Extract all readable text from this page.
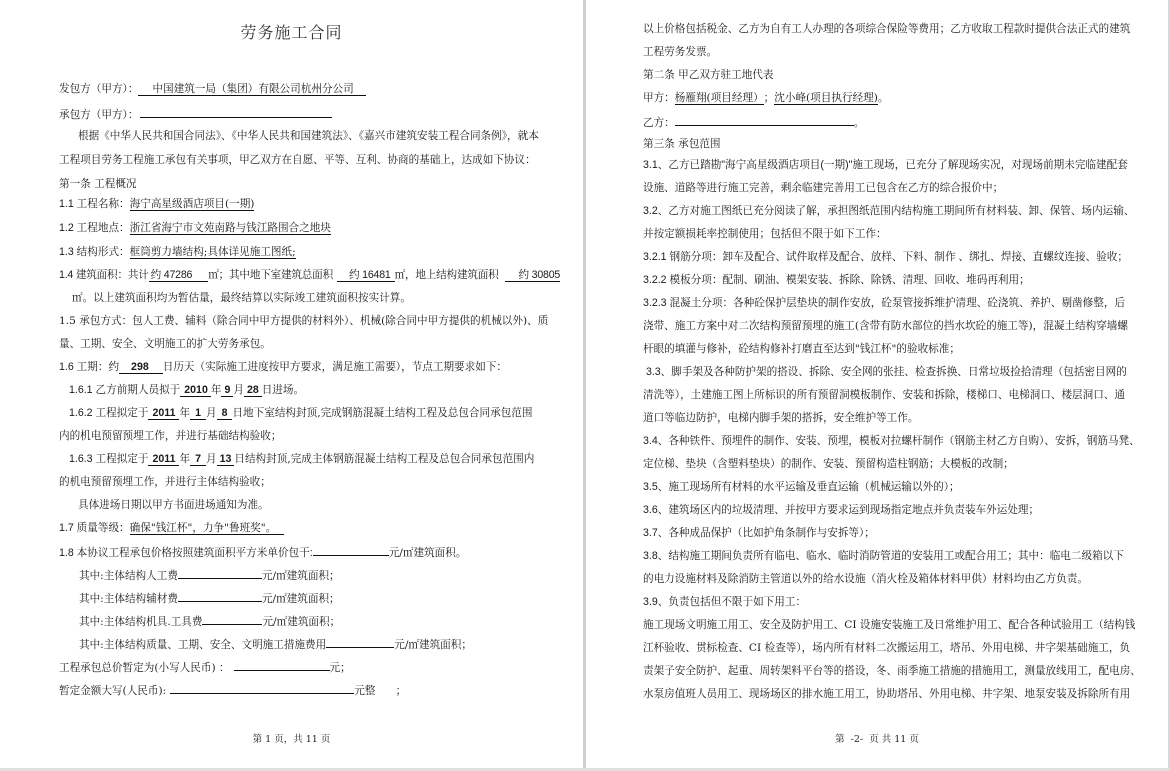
劳务施工合同
发包方（甲方）： 中国建筑一局（集团）有限公司杭州分公司
承包方（甲方）：
根据《中华人民共和国合同法》、《中华人民共和国建筑法》、《嘉兴市建筑安装工程合同条例》，就本
工程项目劳务工程施工承包有关事项，甲乙双方在自愿、平等、互利、协商的基础上，达成如下协议：
第一条 工程概况
1.1 工程名称：海宁高星级酒店项目(一期)
1.2 工程地点：浙江省海宁市文苑南路与钱江路围合之地块
1.3 结构形式：框筒剪力墙结构;具体详见施工图纸;
1.4 建筑面积：共计 约 47286 ㎡；其中地下室建筑总面积 约 16481 ㎡，地上结构建筑面积 约 30805
㎡。以上建筑面积均为暂估量，最终结算以实际竣工建筑面积按实计算。
1.5 承包方式：包人工费、辅料（除合同中甲方提供的材料外）、机械(除合同中甲方提供的机械以外)、质
量、工期、安全、文明施工的扩大劳务承包。
1.6 工期：约 298 日历天（实际施工进度按甲方要求，满足施工需要），节点工期要求如下：
1.6.1 乙方前期人员拟于 2010 年 9 月 28 日进场。
1.6.2 工程拟定于 2011 年 1 月 8 日地下室结构封顶,完成钢筋混凝土结构工程及总包合同承包范围
内的机电预留预埋工作，并进行基础结构验收；
1.6.3 工程拟定于 2011 年 7 月 13 日结构封顶,完成主体钢筋混凝土结构工程及总包合同承包范围内
的机电预留预埋工作，并进行主体结构验收；
具体进场日期以甲方书面进场通知为准。
1.7 质量等级：确保"钱江杯"，力争"鲁班奖"。
1.8 本协议工程承包价格按照建筑面积平方米单价包干:	元/㎡建筑面积。
其中:主体结构人工费	元/㎡建筑面积；
其中:主体结构辅材费	元/㎡建筑面积；
其中:主体结构机具.工具费	元/㎡建筑面积；
其中:主体结构质量、工期、安全、文明施工措施费用	元/㎡建筑面积；
工程承包总价暂定为(小写人民币) ：	元；
暂定金额大写(人民币):	元整      ；
第 1 页，共 11 页
以上价格包括税金、乙方为自有工人办理的各项综合保险等费用；乙方收取工程款时提供合法正式的建筑
工程劳务发票。
第二条 甲乙双方驻工地代表
甲方：杨雁翔(项目经理）；沈小峰(项目执行经理)。
乙方：	。
第三条 承包范围
3.1、乙方已踏勘"海宁高星级酒店项目(一期)"施工现场，已充分了解现场实况，对现场前期未完临建配套
设施、道路等进行施工完善，剩余临建完善用工已包含在乙方的综合报价中；
3.2、乙方对施工图纸已充分阅读了解，承担图纸范围内结构施工期间所有材料装、卸、保管、场内运输、
并按定额损耗率控制使用；包括但不限于如下工作：
3.2.1 钢筋分项：卸车及配合、试件取样及配合、放样、下料、制作 、绑扎、焊接、直螺纹连接、验收；
3.2.2 模板分项：配制、刷油、模架安装、拆除、除锈、清理、回收、堆码再利用；
3.2.3 混凝土分项：各种砼保护层垫块的制作安放，砼泵管接拆维护清理、砼浇筑、养护、剔凿修整，后
浇带、施工方案中对二次结构预留预埋的施工(含带有防水部位的挡水坎砼的施工等)，混凝土结构穿墙螺
杆眼的填灌与修补，砼结构修补打磨直至达到"钱江杯"的验收标准；
3.3、脚手架及各种防护架的搭设、拆除、安全网的张挂、检查拆换、日常垃圾捡拾清理（包括密目网的
清洗等），土建施工图上所标识的所有预留洞模板制作、安装和拆除，楼梯口、电梯洞口、楼层洞口、通
道口等临边防护，电梯内脚手架的搭拆，安全维护等工作。
3.4、各种铁件、预埋件的制作、安装、预埋，模板对拉螺杆制作（钢筋主材乙方自购）、安拆，钢筋马凳、
定位梯、垫块（含塑料垫块）的制作、安装、预留构造柱钢筋；大模板的改制；
3.5、施工现场所有材料的水平运输及垂直运输（机械运输以外的）；
3.6、建筑场区内的垃圾清理、并按甲方要求运到现场指定地点并负责装车外运处理；
3.7、各种成品保护（比如护角条制作与安拆等）；
3.8、结构施工期间负责所有临电、临水、临时消防管道的安装用工或配合用工；其中：临电二级箱以下
的电力设施材料及除消防主管道以外的给水设施（消火栓及箱体材料甲供）材料均由乙方负责。
3.9、负责包括但不限于如下用工：
施工现场文明施工用工、安全及防护用工、CI 设施安装施工及日常维护用工、配合各种试验用工（结构钱
江杯验收、贯标检查、CI 检查等），场内所有材料二次搬运用工，塔吊、外用电梯、井字架基础施工，负
责架子安全防护、起重、周转架料平台等的搭设，冬、雨季施工措施的措施用工，测量放线用工，配电房、
水泵房值班人员用工、现场场区的排水施工用工，协助塔吊、外用电梯、井字架、地泵安装及拆除所有用
第  -2-  页 共 11 页
